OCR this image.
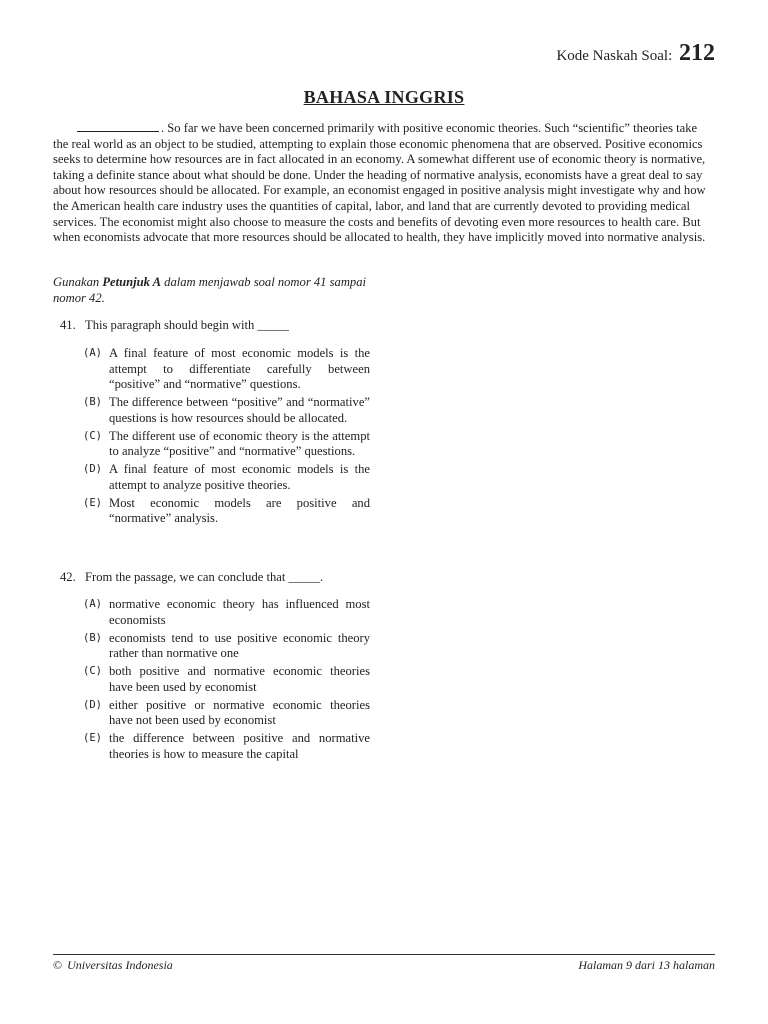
Kode Naskah Soal: 212
BAHASA INGGRIS
. So far we have been concerned primarily with positive economic theories. Such “scientific” theories take the real world as an object to be studied, attempting to explain those economic phenomena that are observed. Positive economics seeks to determine how resources are in fact allocated in an economy. A somewhat different use of economic theory is normative, taking a definite stance about what should be done. Under the heading of normative analysis, economists have a great deal to say about how resources should be allocated. For example, an economist engaged in positive analysis might investigate why and how the American health care industry uses the quantities of capital, labor, and land that are currently devoted to providing medical services. The economist might also choose to measure the costs and benefits of devoting even more resources to health care. But when economists advocate that more resources should be allocated to health, they have implicitly moved into normative analysis.
Gunakan Petunjuk A dalam menjawab soal nomor 41 sampai nomor 42.
41. This paragraph should begin with _____
(A) A final feature of most economic models is the attempt to differentiate carefully between “positive” and “normative” questions.
(B) The difference between “positive” and “normative” questions is how resources should be allocated.
(C) The different use of economic theory is the attempt to analyze “positive” and “normative” questions.
(D) A final feature of most economic models is the attempt to analyze positive theories.
(E) Most economic models are positive and “normative” analysis.
42. From the passage, we can conclude that _____.
(A) normative economic theory has influenced most economists
(B) economists tend to use positive economic theory rather than normative one
(C) both positive and normative economic theories have been used by economist
(D) either positive or normative economic theories have not been used by economist
(E) the difference between positive and normative theories is how to measure the capital
© Universitas Indonesia	Halaman 9 dari 13 halaman
